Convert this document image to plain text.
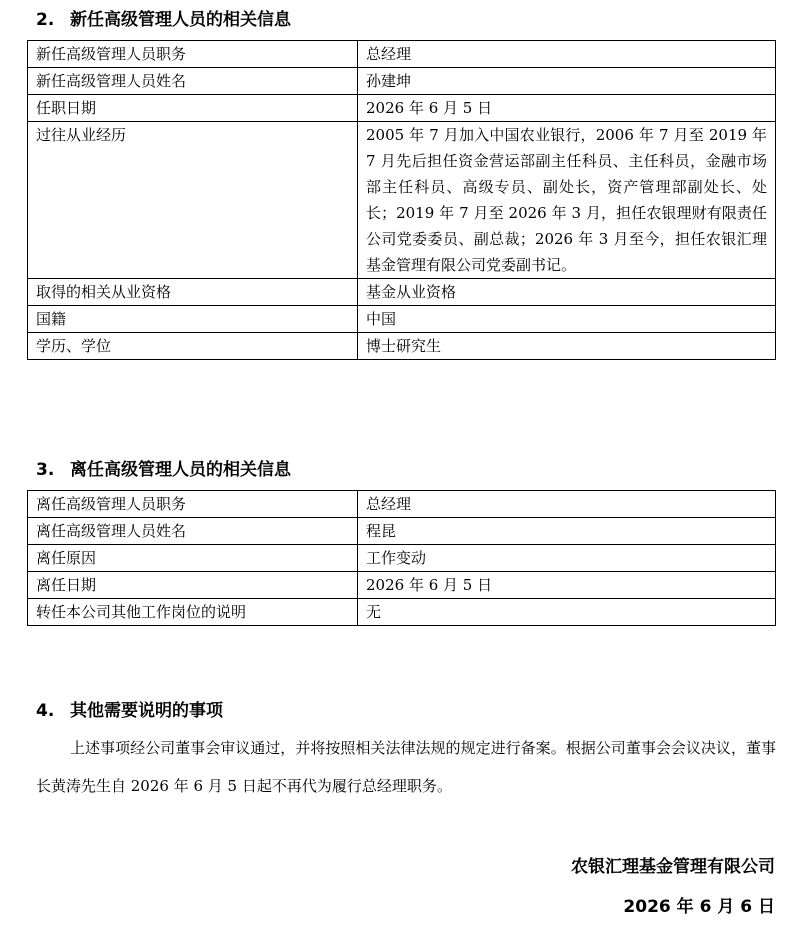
2. 新任高级管理人员的相关信息
新任高级管理人员职务	总经理
新任高级管理人员姓名	孙建坤
任职日期	2026 年 6 月 5 日
过往从业经历	2005 年 7 月加入中国农业银行，2006 年 7 月至 2019 年 7 月先后担任资金营运部副主任科员、主任科员，金融市场部主任科员、高级专员、副处长，资产管理部副处长、处长；2019 年 7 月至 2026 年 3 月，担任农银理财有限责任公司党委委员、副总裁；2026 年 3 月至今，担任农银汇理基金管理有限公司党委副书记。
取得的相关从业资格	基金从业资格
国籍	中国
学历、学位	博士研究生
3. 离任高级管理人员的相关信息
离任高级管理人员职务	总经理
离任高级管理人员姓名	程昆
离任原因	工作变动
离任日期	2026 年 6 月 5 日
转任本公司其他工作岗位的说明	无
4. 其他需要说明的事项
上述事项经公司董事会审议通过，并将按照相关法律法规的规定进行备案。根据公司董事会会议决议，董事长黄涛先生自 2026 年 6 月 5 日起不再代为履行总经理职务。
农银汇理基金管理有限公司
2026 年 6 月 6 日
